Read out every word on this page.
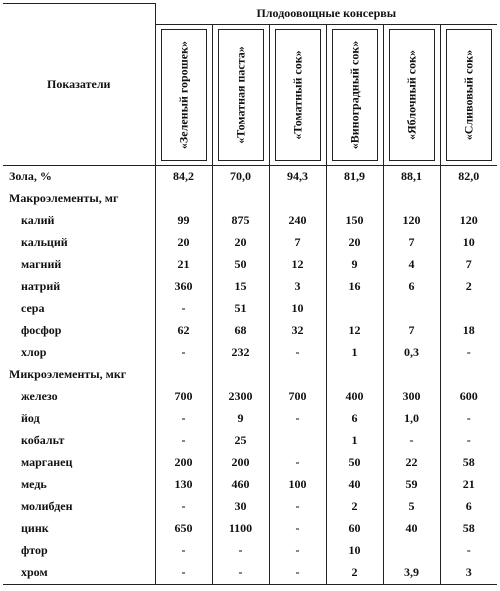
Показатели	Плодоовощные консервы					

	«Зеленый горошек»	«Томатная паста»	«Томатный сок»	«Виноградный сок»	«Яблочный сок»	«Сливовый сок»

Зола, %	84,2	70,0	94,3	81,9	88,1	82,0
Макроэлементы, мг						
калий	99	875	240	150	120	120
кальций	20	20	7	20	7	10
магний	21	50	12	9	4	7
натрий	360	15	3	16	6	2
сера	-	51	10			
фосфор	62	68	32	12	7	18
хлор	-	232	-	1	0,3	-
Микроэлементы, мкг						
железо	700	2300	700	400	300	600
йод	-	9	-	6	1,0	-
кобальт	-	25		1	-	-
марганец	200	200	-	50	22	58
медь	130	460	100	40	59	21
молибден	-	30	-	2	5	6
цинк	650	1100	-	60	40	58
фтор	-	-	-	10		-
хром	-	-	-	2	3,9	3
